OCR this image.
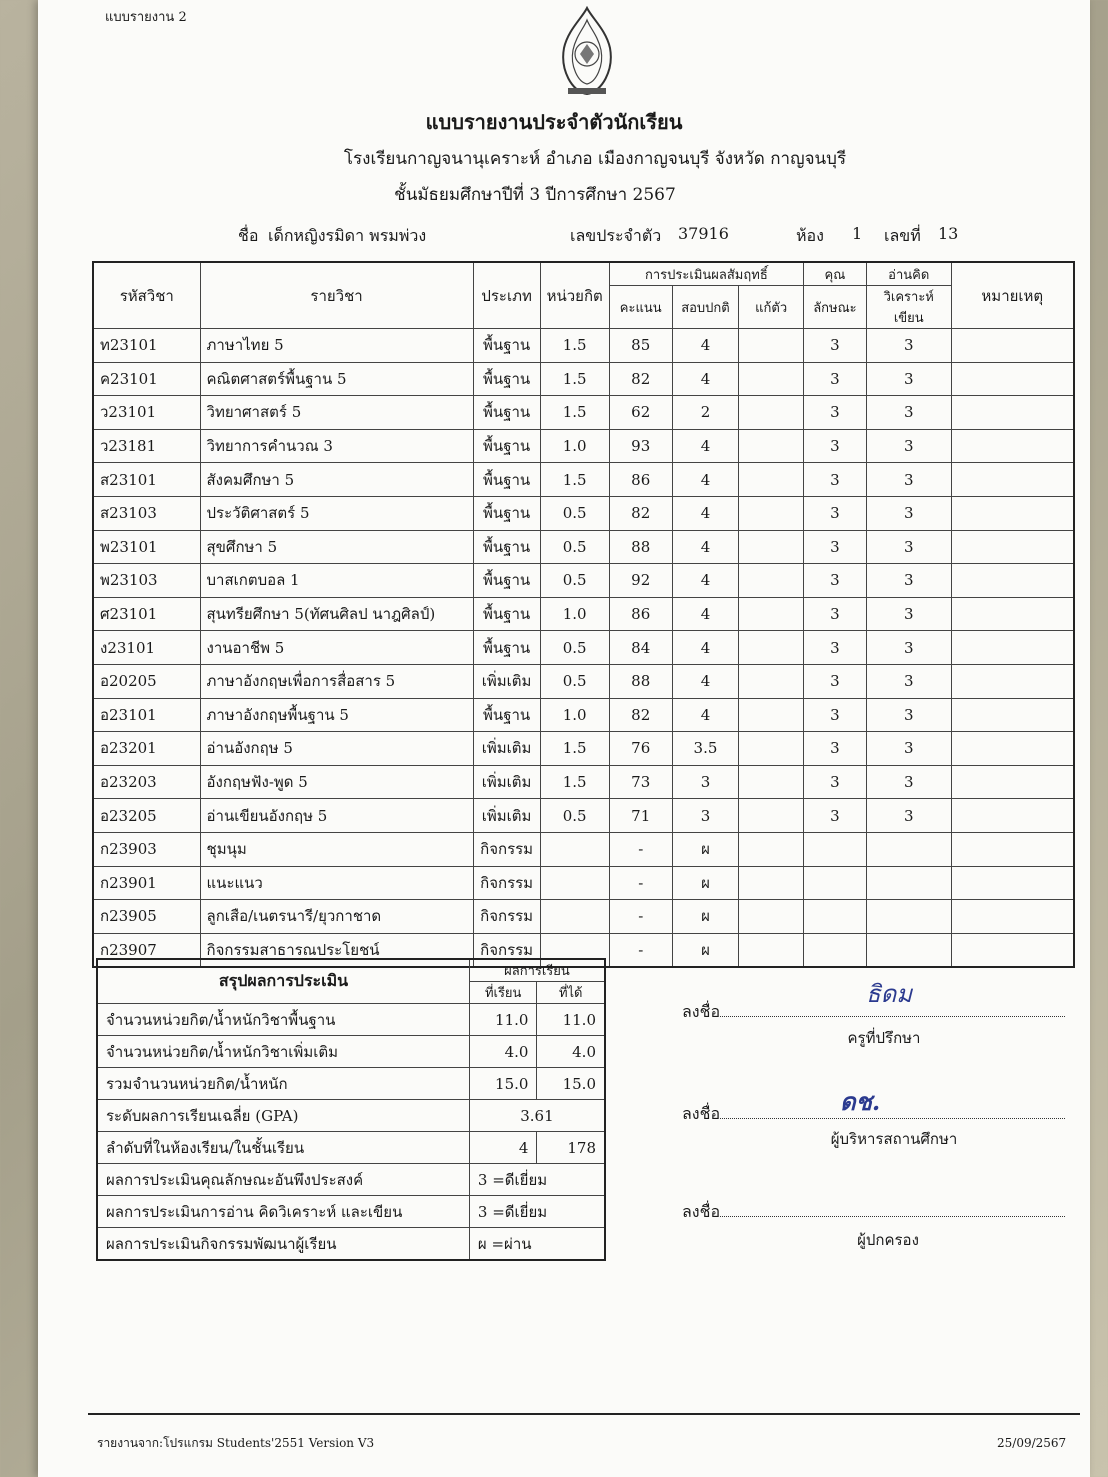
แบบรายงาน 2
แบบรายงานประจำตัวนักเรียน
โรงเรียนกาญจนานุเคราะห์ อำเภอ เมืองกาญจนบุรี จังหวัด กาญจนบุรี
ชั้นมัธยมศึกษาปีที่ 3 ปีการศึกษา 2567
ชื่อ เด็กหญิงรมิดา พรมพ่วง	เลขประจำตัว 37916	ห้อง 1 เลขที่ 13
รหัสวิชา	รายวิชา	ประเภท	หน่วยกิต	การประเมินผลสัมฤทธิ์			คุณ	อ่านคิด	หมายเหตุ
				คะแนน	สอบปกติ	แก้ตัว	ลักษณะ	วิเคราะห์เขียน	
ท23101	ภาษาไทย 5	พื้นฐาน	1.5	85	4		3	3	
ค23101	คณิตศาสตร์พื้นฐาน 5	พื้นฐาน	1.5	82	4		3	3	
ว23101	วิทยาศาสตร์ 5	พื้นฐาน	1.5	62	2		3	3	
ว23181	วิทยาการคำนวณ 3	พื้นฐาน	1.0	93	4		3	3	
ส23101	สังคมศึกษา 5	พื้นฐาน	1.5	86	4		3	3	
ส23103	ประวัติศาสตร์ 5	พื้นฐาน	0.5	82	4		3	3	
พ23101	สุขศึกษา 5	พื้นฐาน	0.5	88	4		3	3	
พ23103	บาสเกตบอล 1	พื้นฐาน	0.5	92	4		3	3	
ศ23101	สุนทรียศึกษา 5(ทัศนศิลป นาฎศิลป์)	พื้นฐาน	1.0	86	4		3	3	
ง23101	งานอาชีพ 5	พื้นฐาน	0.5	84	4		3	3	
อ20205	ภาษาอังกฤษเพื่อการสื่อสาร 5	เพิ่มเติม	0.5	88	4		3	3	
อ23101	ภาษาอังกฤษพื้นฐาน 5	พื้นฐาน	1.0	82	4		3	3	
อ23201	อ่านอังกฤษ 5	เพิ่มเติม	1.5	76	3.5		3	3	
อ23203	อังกฤษฟัง-พูด 5	เพิ่มเติม	1.5	73	3		3	3	
อ23205	อ่านเขียนอังกฤษ 5	เพิ่มเติม	0.5	71	3		3	3	
ก23903	ชุมนุม	กิจกรรม		-	ผ				
ก23901	แนะแนว	กิจกรรม		-	ผ				
ก23905	ลูกเสือ/เนตรนารี/ยุวกาชาด	กิจกรรม		-	ผ				
ก23907	กิจกรรมสาธารณประโยชน์	กิจกรรม		-	ผ				
สรุปผลการประเมิน	ผลการเรียน	
	ที่เรียน	ที่ได้
จำนวนหน่วยกิต/น้ำหนักวิชาพื้นฐาน	11.0	11.0
จำนวนหน่วยกิต/น้ำหนักวิชาเพิ่มเติม	4.0	4.0
รวมจำนวนหน่วยกิต/น้ำหนัก	15.0	15.0
ระดับผลการเรียนเฉลี่ย (GPA)	3.61	
ลำดับที่ในห้องเรียน/ในชั้นเรียน	4	178
ผลการประเมินคุณลักษณะอันพึงประสงค์	3 =ดีเยี่ยม	
ผลการประเมินการอ่าน คิดวิเคราะห์ และเขียน	3 =ดีเยี่ยม	
ผลการประเมินกิจกรรมพัฒนาผู้เรียน	ผ =ผ่าน	
ธิดม
ลงชื่อ
ครูที่ปรึกษา
ดช.
ลงชื่อ
ผู้บริหารสถานศึกษา
ลงชื่อ
ผู้ปกครอง
รายงานจาก:โปรแกรม Students'2551 Version V3	25/09/2567
